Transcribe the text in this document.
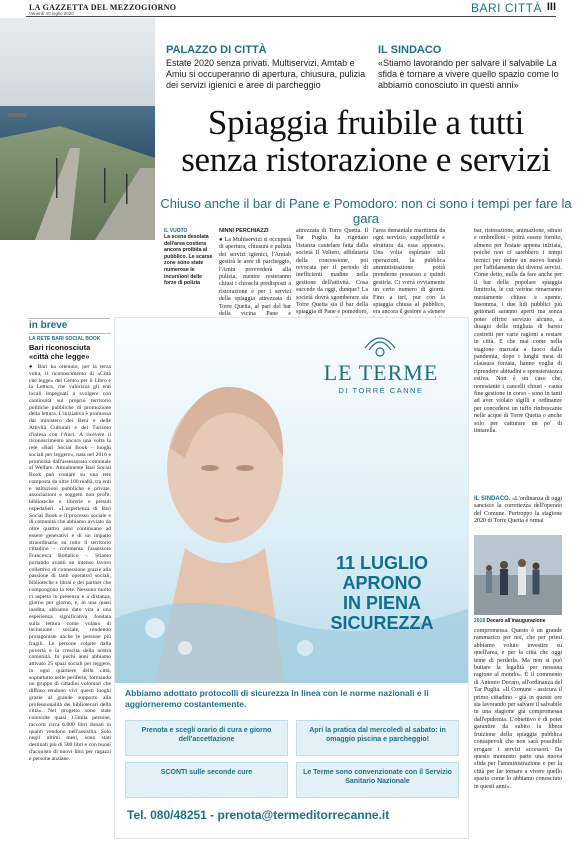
LA GAZZETTA DEL MEZZOGIORNO
Venerdì 10 luglio 2020	BARI CITTÀ III
PALAZZO DI CITTÀ
Estate 2020 senza privati. Multiservizi, Amtab e Amiu si occuperanno di apertura, chiusura, pulizia dei servizi igienici e aree di parcheggio
IL SINDACO
«Stiamo lavorando per salvare il salvabile La sfida è tornare a vivere quello spazio come lo abbiamo conosciuto in questi anni»
Spiaggia fruibile a tutti
senza ristorazione e servizi
Chiuso anche il bar di Pane e Pomodoro: non ci sono i tempi per fare la gara
IL VUOTO
La scena desolata dell'area costiera ancora proibita al pubblico. Le scarse zone sono state numerose le incursioni delle forze di polizia
NINNI PERCHIAZZI
● La Multiservizi si occuperà di apertura, chiusura e pulizia dei servizi igienici, l'Amtab gestirà le aree di parcheggio, l'Amiu provvederà alla pulizia, mentre resteranno chiusi i chioschi predisposti a ristorazione e per i servizi della spiaggia attrezzata di Torre Quetta, al pari del bar della vicina Pane e
attrezzata di Torre Quetta. Il Tar Puglia ha rigettato l'istanza cautelare fatta dalla società Il Veliero, affidataria della concessione, poi revocata per il periodo di inefficienti madine nella gestione dell'attività. Cosa succede da oggi, dunque? La società dovrà sgomberare sia Torre Quetta sia il bar della spiaggia di Pane e pomodoro,
l'area demaniale marittima da ogni servizio, suppellettile e struttura da essa apposte». Una volta espletato tali operazioni, la pubblica amministrazione potrà prenderne possesso e quindi gestirla. Ci vorrà ovviamente un certo numero di giorni. Fino a ieri, pur con la spiaggia chiusa al pubblico, era ancora il gestore a «tenere
bar, ristorazione, animazione, sdraio e ombrelloni - potrà essere fornito, almeno per l'estate appena iniziata, poiché non ci sarebbero i tempi tecnici per indire un nuovo bando per l'affidamento dei diversi servizi. Come detto, nulla da fare anche per il bar della popolare spiaggia limitrofa, le cui vetrine rimarranno mestamente chiuse e spente. Insomma, i due lidi pubblici più gettonati saranno aperti ma senza poter offrire servizio alcuno, a disagio delle migliaia di baresi costretti per varie ragioni a restare in città. E che mai come nella stagione marcata a fuoco dalla pandemia, dopo i lunghi mesi di clausura forzata, hanno voglia di riprendere abitudini e spensieratezza estiva. Non è un caso che, nonostante i cancelli chiusi - causa fine gestione in corso - sono in tanti ad aver violato sigilli e ordinanze per concedersi un tuffo rinfrescante nelle acque di Torre Quetta o anche solo per catturare un po' di tintarella.
IL SINDACO. «L'ordinanza di oggi sancisce la correttezza dell'operato del Comune. Purtroppo la stagione 2020 di Torre Quetta è ormai
2018 Decaro all'inaugurazione
compromessa. Questo è un grande rammarico per noi, che per primi abbiamo voluto investire su quell'area, e per la città che oggi teme di perderla. Ma non si può buttare la legalità per nessuna ragione al mondo». È il commento di Antonio Decaro, all'ordinanza del Tar Puglia. «Il Comune - assicura il primo cittadino - già in queste ore sta lavorando per salvare il salvabile in una stagione già compromessa dall'epidemia. L'obiettivo è di poter garantire da subito la libera fruizione della spiaggia pubblica consapevoli che non sarà possibile erogare i servizi accessori. Da questo momento parte una nuova sfida per l'amministrazione e per la città per far tornare a vivere quello spazio come lo abbiamo conosciuto in questi anni».
in breve
LA RETE BARI SOCIAL BOOK
Bari riconosciuta «città che legge»
● Bari ha ottenuto, per la terza volta, il riconoscimento di «Città che legge» del Centro per il Libro e la Lettura, che valorizza gli enti locali impegnati a svolgere con continuità sul proprio territorio politiche pubbliche di promozione della lettura. L'iniziativa è promossa dal ministero dei Beni e delle Attività Culturali e del Turismo d'intesa con l'Anci. A ricevere il riconoscimento ancora una volta la rete «Bari Social Book - luoghi sociali per leggere», nata nel 2016 e promossa dall'assessorato comunale al Welfare. Attualmente Bari Social Book può contare su una rete composta da oltre 100 realtà, tra enti e istituzioni pubbliche e private, associazioni e soggetti non profit, biblioteche e librerie e presidi ospedalieri. «L'esperienza di Bari Social Book e il processo sociale e di comunità che abbiamo avviato da oltre quattro anni continuano ad essere generativi e di un impatto straordinario su tutto il territorio cittadino - commenta l'assessore Francesca Bottalico -. Stiamo portando avanti un intenso lavoro collettivo di connessione grazie alla passione di tanti operatori sociali, biblioteche e librai e dei partner che compongono la rete. Nessuno molto ci aspetta in presenza e a distanza, giorno per giorno, e, in una quasi inedita, abbiamo dato vita a una esperienza significativa fondata sulla lettura come volano di inclusione sociale, rendendo protagoniste anche le persone più fragili. Le persone colpite dalla povertà e la crescita della nostra comunità. In pochi anni abbiamo attivato 25 spazi sociali per leggere, in ogni quartiere della città, soprattutto nelle periferie, formando un gruppo di cittadini volontari che diffuso rendono vivi questi luoghi grazie al grande supporto alla professionalità dei bibliotecari della città». Nel progetto sono state coinvolte quasi 1.5mila persone, raccolti circa 6.000 libri donati in quanti vendono nell'assistita. Solo negli ultimi mesi, sono stati destinati più di 500 libri e con buoni d'acquisto di nuovi libri per ragazzi e persone anziane.
LE TERME
DI TORRE CANNE
11 LUGLIO
APRONO
IN PIENA
SICUREZZA
Abbiamo adottato protocolli di sicurezza in linea con le norme nazionali e li aggiorneremo costantemente.
Prenota e scegli orario di cura e giorno dell'accettazione
Apri la pratica dal mercoledì al sabato: in omaggio piscina e parcheggio!
SCONTI sulle seconde cure	Le Terme sono convenzionate con il Servizio Sanitario Nazionale
Tel. 080/48251 - prenota@termeditorrecanne.it
